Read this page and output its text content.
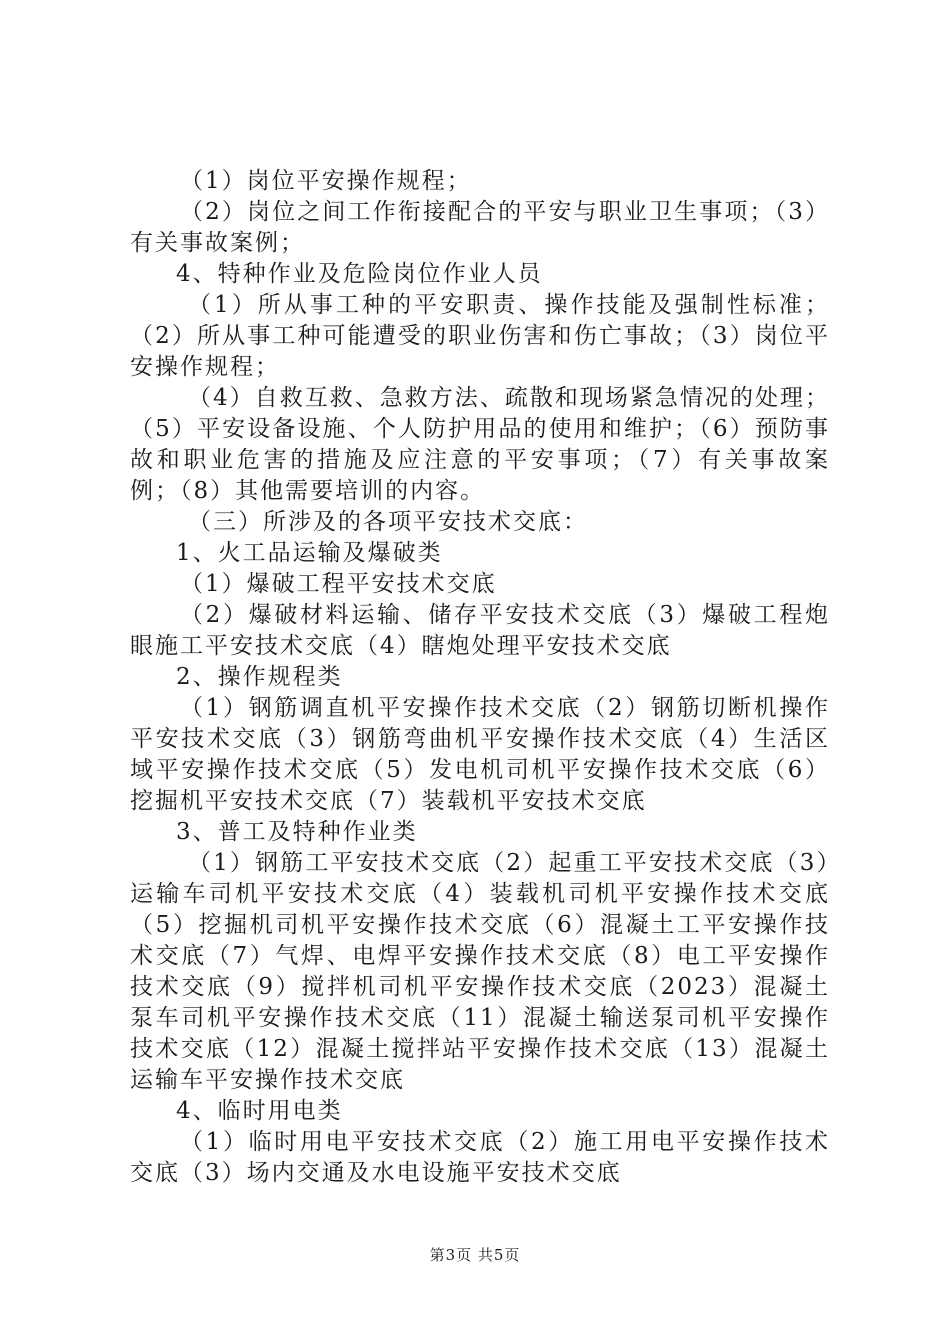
（1）岗位平安操作规程；

（2）岗位之间工作衔接配合的平安与职业卫生事项；（3）有关事故案例；

4、特种作业及危险岗位作业人员

（1）所从事工种的平安职责、操作技能及强制性标准；（2）所从事工种可能遭受的职业伤害和伤亡事故；（3）岗位平安操作规程；

（4）自救互救、急救方法、疏散和现场紧急情况的处理；（5）平安设备设施、个人防护用品的使用和维护；（6）预防事故和职业危害的措施及应注意的平安事项；（7）有关事故案例；（8）其他需要培训的内容。

（三）所涉及的各项平安技术交底：

1、火工品运输及爆破类

（1）爆破工程平安技术交底

（2）爆破材料运输、储存平安技术交底（3）爆破工程炮眼施工平安技术交底（4）瞎炮处理平安技术交底

2、操作规程类

（1）钢筋调直机平安操作技术交底（2）钢筋切断机操作平安技术交底（3）钢筋弯曲机平安操作技术交底（4）生活区域平安操作技术交底（5）发电机司机平安操作技术交底（6）挖掘机平安技术交底（7）装载机平安技术交底

3、普工及特种作业类

（1）钢筋工平安技术交底（2）起重工平安技术交底（3）运输车司机平安技术交底（4）装载机司机平安操作技术交底（5）挖掘机司机平安操作技术交底（6）混凝土工平安操作技术交底（7）气焊、电焊平安操作技术交底（8）电工平安操作技术交底（9）搅拌机司机平安操作技术交底（2023）混凝土泵车司机平安操作技术交底（11）混凝土输送泵司机平安操作技术交底（12）混凝土搅拌站平安操作技术交底（13）混凝土运输车平安操作技术交底

4、临时用电类

（1）临时用电平安技术交底（2）施工用电平安操作技术交底（3）场内交通及水电设施平安技术交底

第3页 共5页
